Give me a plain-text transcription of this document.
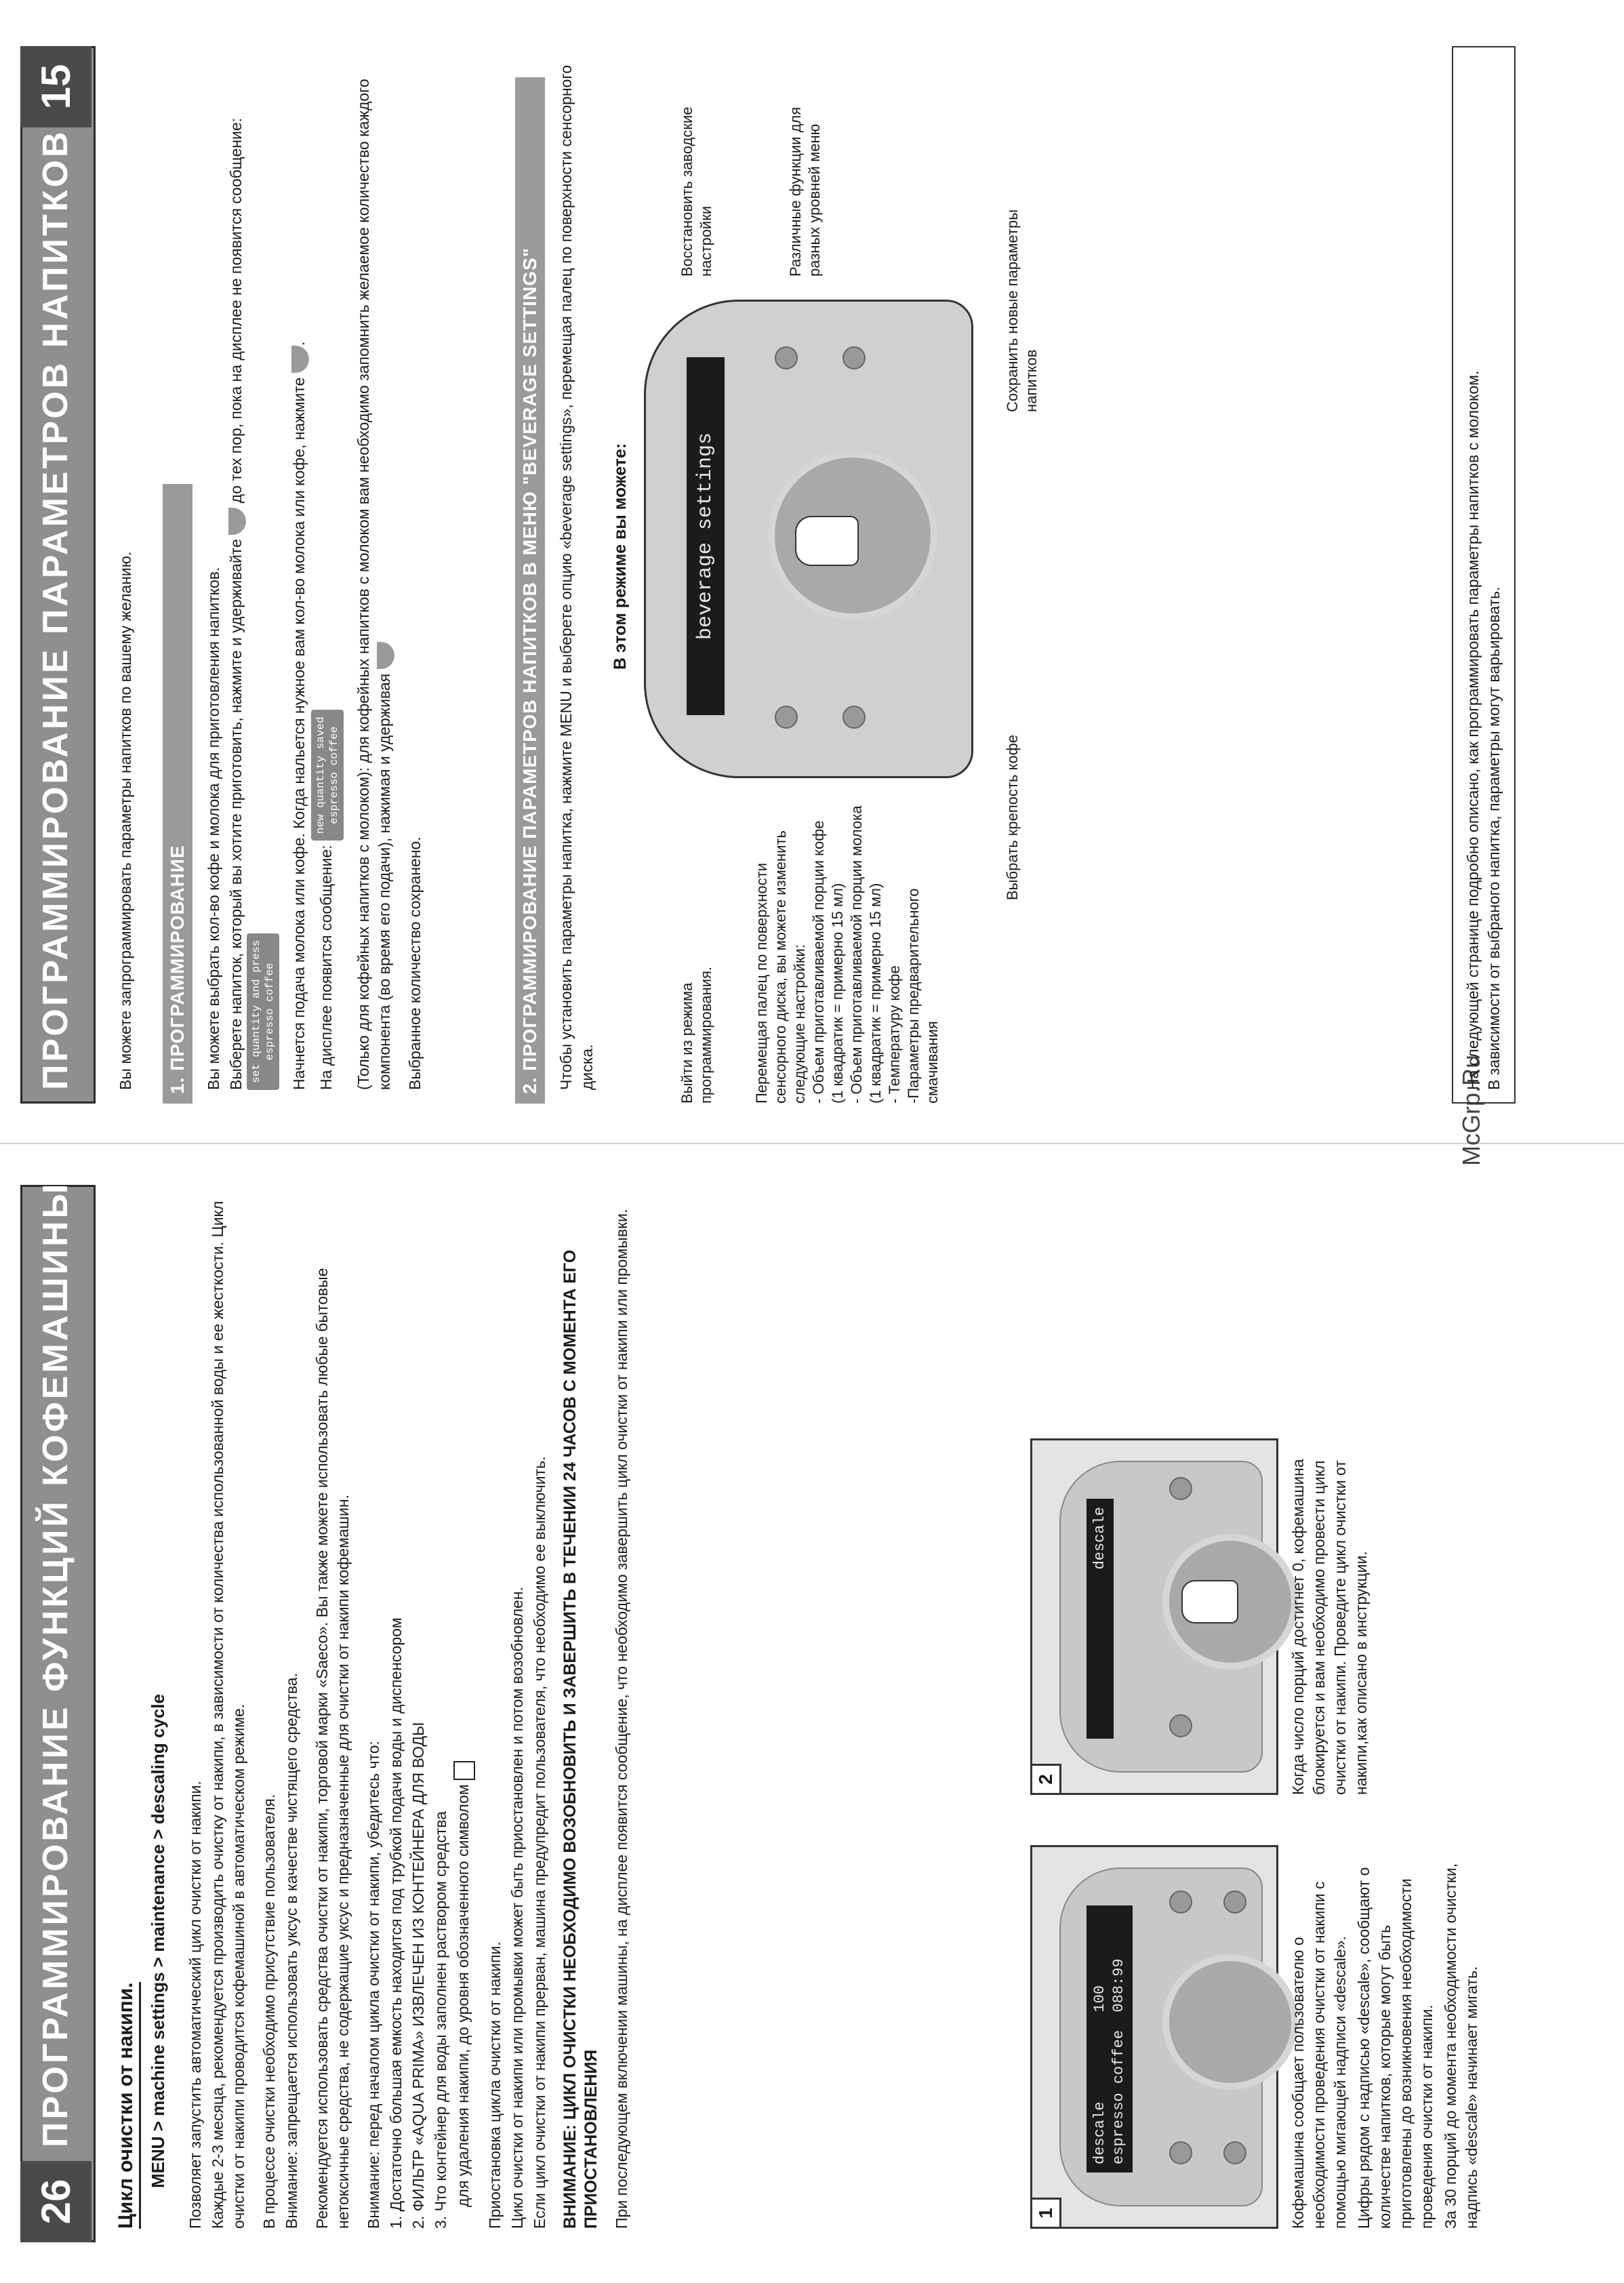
26
ПРОГРАММИРОВАНИЕ ФУНКЦИЙ КОФЕМАШИНЫ	Цикл очистки от накипи. MENU > machine settings > maintenance > descaling cycle Позволяет запустить автоматический цикл очистки от накипи. Каждые 2-3 месяца, рекомендуется производить очистку от накипи, в зависимости от количества использованной воды и ее жесткости. Цикл очистки от накипи проводится кофемашиной в автоматическом режиме. В процессе очистки необходимо присутствие пользователя. Внимание: запрещается использовать уксус в качестве чистящего средства. Рекомендуется использовать средства очистки от накипи, торговой марки «Saeco». Вы также можете использовать любые бытовые нетоксичные средства, не содержащие уксус и предназначенные для очистки от накипи кофемашин. Внимание: перед началом цикла очистки от накипи, убедитесь что: 1. Достаточно большая емкость находится под трубкой подачи воды и диспенсором 2. ФИЛЬТР «AQUA PRIMA» ИЗВЛЕЧЕН ИЗ КОНТЕЙНЕРА ДЛЯ ВОДЫ 3. Что контейнер для воды заполнен раствором средства для удаления накипи, до уровня обозначенного символом Приостановка цикла очистки от накипи. Цикл очистки от накипи или промывки может быть приостановлен и потом возобновлен. Если цикл очистки от накипи прерван, машина предупредит пользователя, что необходимо ее выключить. ВНИМАНИЕ: ЦИКЛ ОЧИСТКИ НЕОБХОДИМО ВОЗОБНОВИТЬ И ЗАВЕРШИТЬ В ТЕЧЕНИИ 24 ЧАСОВ С МОМЕНТА ЕГО ПРИОСТАНОВЛЕНИЯ При последующем включении машины, на дисплее появится сообщение, что необходимо завершить цикл очистки от накипи или промывки.	1
descale          100 espresso coffee  088:99	Кофемашина сообщает пользователю о необходимости проведения очистки от накипи с помощью мигающей надписи «descale». Цифры рядом с надписью «descale», сообщают о количестве напитков, которые могут быть приготовлены до возникновения необходимости проведения очистки от накипи. За 30 порций до момента необходимости очистки, надпись «descale» начинает мигать.

2
descale	Когда число порций достигнет 0, кофемашина блокируется и вам необходимо провести цикл очистки от накипи. Проведите цикл очистки от накипи,как описано в инструкции.

McGrp.Ru
ПРОГРАММИРОВАНИЕ ПАРАМЕТРОВ НАПИТКОВ
15

Вы можете запрограммировать параметры напитков по вашему желанию. 1. ПРОГРАММИРОВАНИЕ	Вы можете выбрать кол-во кофе и молока для приготовления напитков. Выберете напиток, который вы хотите приготовить, нажмите и удерживайте  до тех пор, пока на дисплее не появится сообщение: set quantity and press espresso coffee Начнется подача молока или кофе. Когда нальется нужное вам кол-во молока или кофе, нажмите .

На дисплее появится сообщение: new quantity saved espresso coffee (Только для кофейных напитков с молоком): для кофейных напитков с молоком вам необходимо запомнить желаемое количество каждого компонента (во время его подачи), нажимая и удерживая Выбранное количество сохранено.	2. ПРОГРАММИРОВАНИЕ ПАРАМЕТРОВ НАПИТКОВ В МЕНЮ "BEVERAGE SETTINGS"	Чтобы установить параметры напитка, нажмите MENU и выберете опцию «beverage settings», перемещая палец по поверхности сенсорного диска.

В этом режиме вы можете:	beverage settings
Выйти из режима программирования.	Перемещая палец по поверхности сенсорного диска, вы можете изменить следующие настройки: - Объем приготавливаемой порции кофе (1 квадратик = примерно 15 мл) - Объем приготавливаемой порции молока (1 квадратик = примерно 15 мл) - Температуру кофе -Параметры предварительного смачивания
Выбрать крепость кофе
Восстановить заводские настройки	Различные функции для разных уровней меню
Сохранить новые параметры напитков	На следующей странице подробно описано, как программировать параметры напитков с молоком. В зависимости от выбраного напитка, параметры могут варьировать.
